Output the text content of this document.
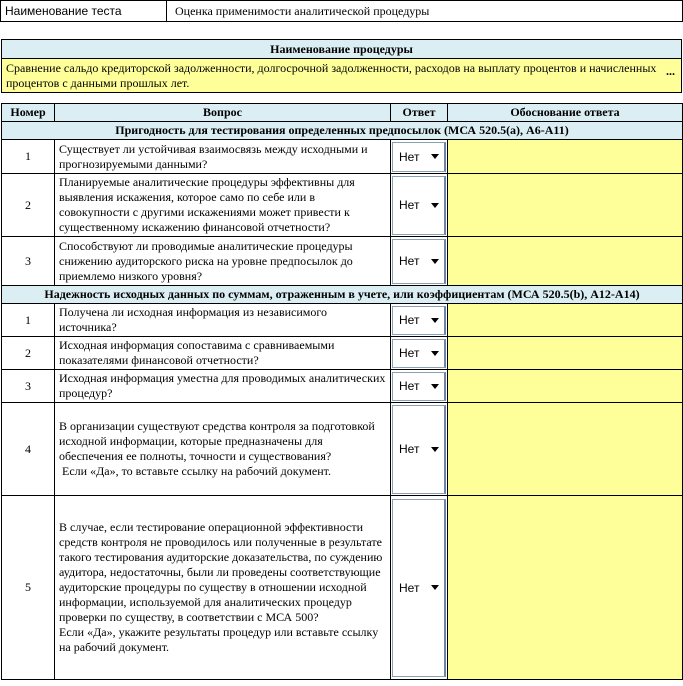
Наименование теста	Оценка применимости аналитической процедуры
Наименование процедуры
Сравнение сальдо кредиторской задолженности, долгосрочной задолженности, расходов на выплату процентов и начисленных процентов с данными прошлых лет.
...
Номер	Вопрос	Ответ	Обоснование ответа
Пригодность для тестирования определенных предпосылок (МСА 520.5(a), A6-A11)			
1	Существует ли устойчивая взаимосвязь между исходными и прогнозируемыми данными?	Нет	

2	Планируемые аналитические процедуры эффективны для выявления искажения, которое само по себе или в совокупности с другими искажениями может привести к существенному искажению финансовой отчетности?	Нет	

3	Способствуют ли проводимые аналитические процедуры снижению аудиторского риска на уровне предпосылок до приемлемо низкого уровня?	Нет	

Надежность исходных данных по суммам, отраженным в учете, или коэффициентам (МСА 520.5(b), A12-A14)			
1	Получена ли исходная информация из независимого источника?	Нет	

2	Исходная информация сопоставима с сравниваемыми показателями финансовой отчетности?	Нет	

3	Исходная информация уместна для проводимых аналитических процедур?	Нет	

4	В организации существуют средства контроля за подготовкой исходной информации, которые предназначены для обеспечения ее полноты, точности и существования?
Если «Да», то вставьте ссылку на рабочий документ.	Нет	

5	В случае, если тестирование операционной эффективности средств контроля не проводилось или полученные в результате такого тестирования аудиторские доказательства, по суждению аудитора, недостаточны, были ли проведены соответствующие аудиторские процедуры по существу в отношении исходной информации, используемой для аналитических процедур проверки по существу, в соответствии с МСА 500?
Если «Да», укажите результаты процедур или вставьте ссылку на рабочий документ.	Нет	
